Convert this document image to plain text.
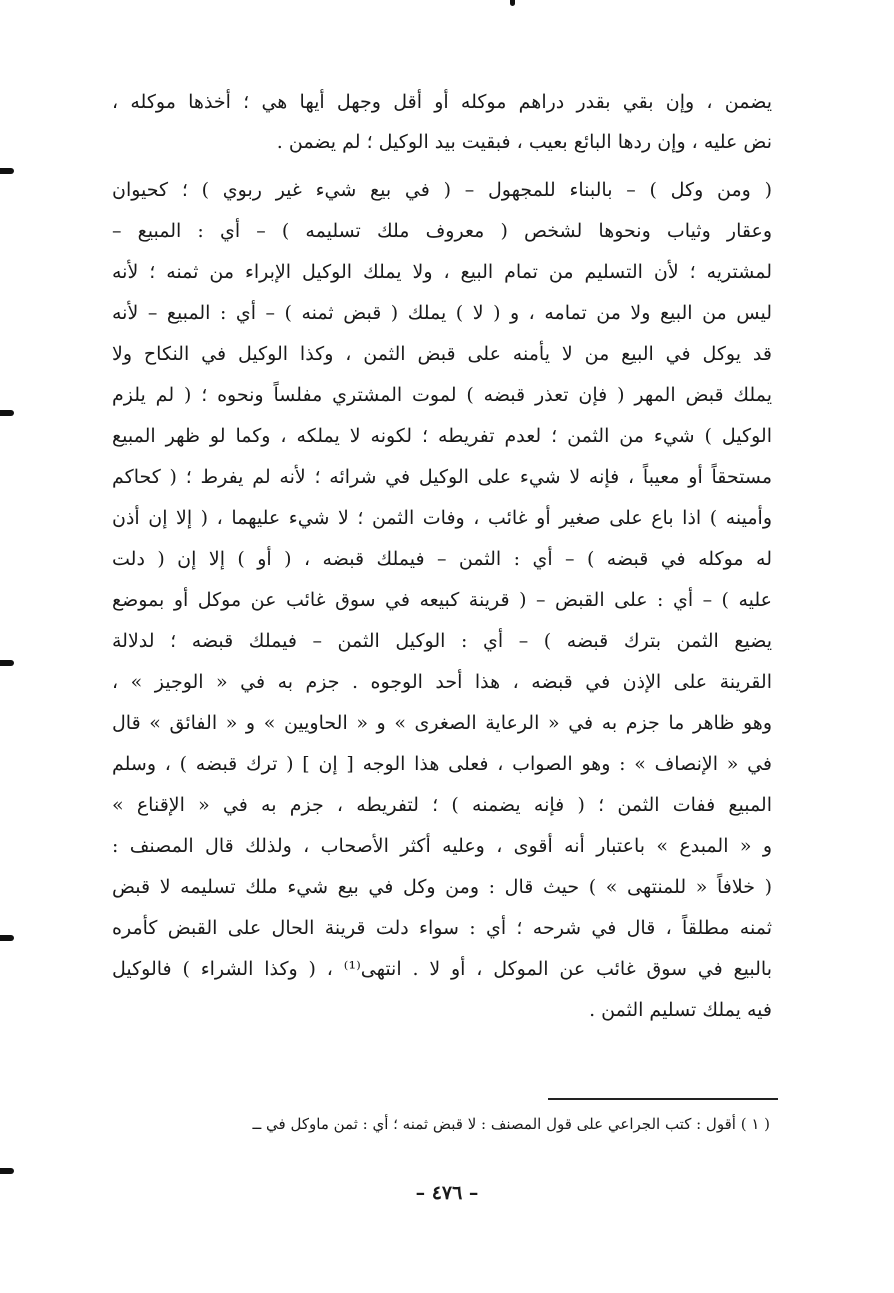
يضمن ، وإن بقي بقدر دراهم موكله أو أقل وجهل أيها هي ؛ أخذها موكله ،
نض عليه ، وإن ردها البائع بعيب ، فبقيت بيد الوكيل ؛ لم يضمن .
( ومن وكل ) – بالبناء للمجهول – ( في بيع شيء غير ربوي ) ؛ كحيوان
وعقار وثياب ونحوها لشخص ( معروف ملك تسليمه ) – أي : المبيع –
لمشتريه ؛ لأن التسليم من تمام البيع ، ولا يملك الوكيل الإبراء من ثمنه ؛ لأنه
ليس من البيع ولا من تمامه ، و ( لا ) يملك ( قبض ثمنه ) – أي : المبيع – لأنه
قد يوكل في البيع من لا يأمنه على قبض الثمن ، وكذا الوكيل في النكاح ولا
يملك قبض المهر ( فإن تعذر قبضه ) لموت المشتري مفلساً ونحوه ؛ ( لم يلزم
الوكيل ) شيء من الثمن ؛ لعدم تفريطه ؛ لكونه لا يملكه ، وكما لو ظهر المبيع
مستحقاً أو معيباً ، فإنه لا شيء على الوكيل في شرائه ؛ لأنه لم يفرط ؛ ( كحاكم
وأمينه ) اذا باع على صغير أو غائب ، وفات الثمن ؛ لا شيء عليهما ، ( إلا إن أذن
له موكله في قبضه ) – أي : الثمن – فيملك قبضه ، ( أو ) إلا إن ( دلت
عليه ) – أي : على القبض – ( قرينة كبيعه في سوق غائب عن موكل أو بموضع
يضيع الثمن بترك قبضه ) – أي : الوكيل الثمن – فيملك قبضه ؛ لدلالة
القرينة على الإذن في قبضه ، هذا أحد الوجوه . جزم به في « الوجيز » ،
وهو ظاهر ما جزم به في « الرعاية الصغرى » و « الحاويين » و « الفائق » قال
في « الإنصاف » : وهو الصواب ، فعلى هذا الوجه [ إن ] ( ترك قبضه ) ، وسلم
المبيع ففات الثمن ؛ ( فإنه يضمنه ) ؛ لتفريطه ، جزم به في « الإقناع »
و « المبدع » باعتبار أنه أقوى ، وعليه أكثر الأصحاب ، ولذلك قال المصنف :
( خلافاً « للمنتهى » ) حيث قال : ومن وكل في بيع شيء ملك تسليمه لا قبض
ثمنه مطلقاً ، قال في شرحه ؛ أي : سواء دلت قرينة الحال على القبض كأمره
بالبيع في سوق غائب عن الموكل ، أو لا . انتهى⁽¹⁾ ، ( وكذا الشراء ) فالوكيل
فيه يملك تسليم الثمن .
( ١ ) أقول : كتب الجراعي على قول المصنف : لا قبض ثمنه ؛ أي : ثمن ماوكل في ــ
– ٤٧٦ –
